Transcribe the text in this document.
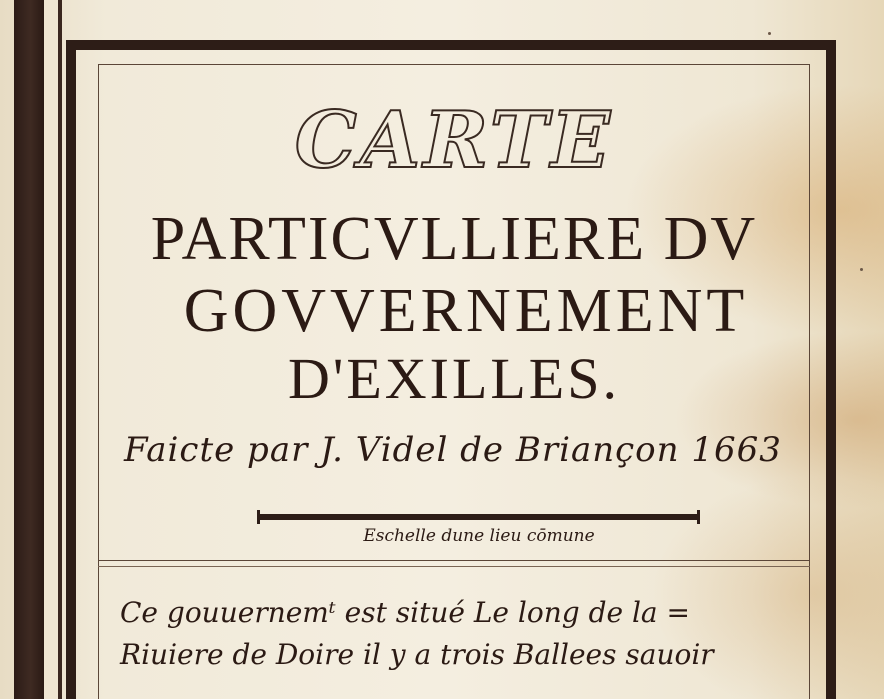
CARTE
PARTICVLLIERE DV
GOVVERNEMENT
D'EXILLES.
Faicte par J. Videl de Briançon 1663
Eschelle dune lieu cōmune
Ce gouuernemᵗ est situé Le long de la =
Riuiere de Doire il y a trois Ballees sauoir
